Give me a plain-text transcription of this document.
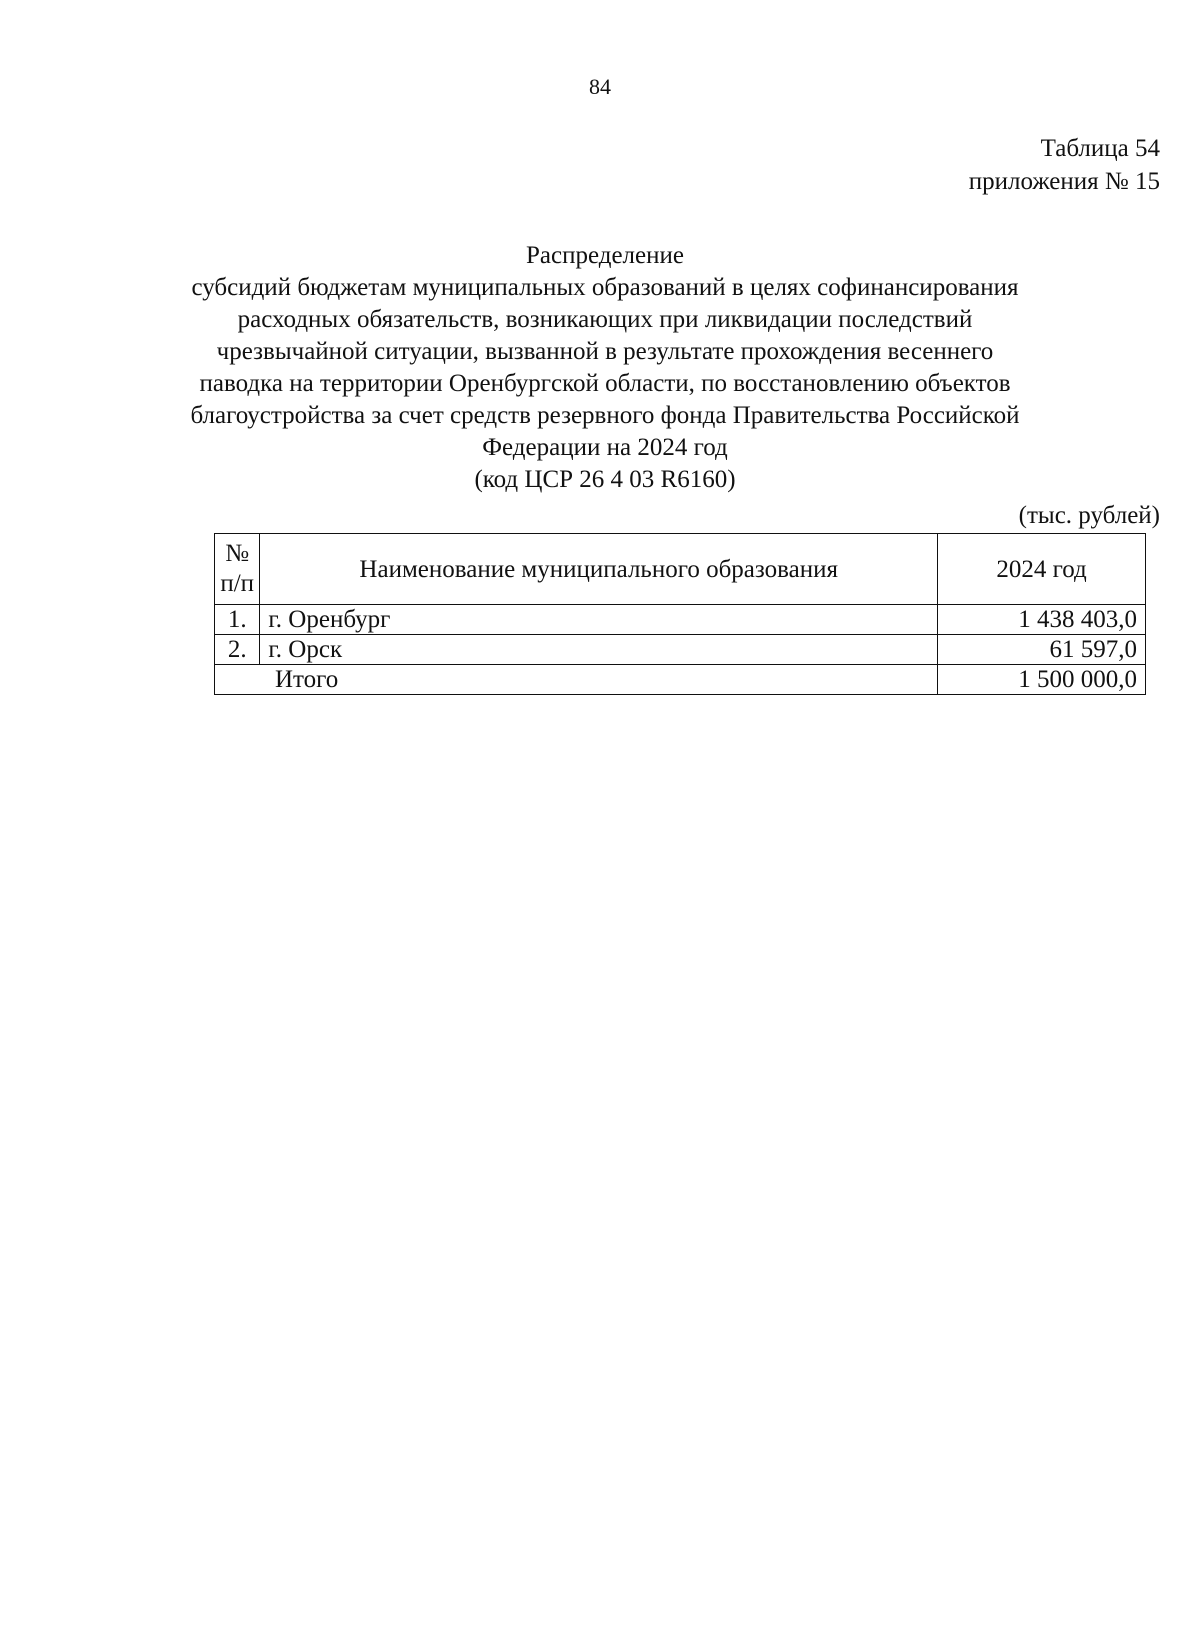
84
Таблица 54
приложения № 15
Распределение
субсидий бюджетам муниципальных образований в целях софинансирования
расходных обязательств, возникающих при ликвидации последствий
чрезвычайной ситуации, вызванной в результате прохождения весеннего
паводка на территории Оренбургской области, по восстановлению объектов
благоустройства за счет средств резервного фонда Правительства Российской
Федерации на 2024 год
(код ЦСР 26 4 03 R6160)
(тыс. рублей)
№
п/п	Наименование муниципального образования	2024 год
1.	г. Оренбург	1 438 403,0
2.	г. Орск	61 597,0
Итого		1 500 000,0
